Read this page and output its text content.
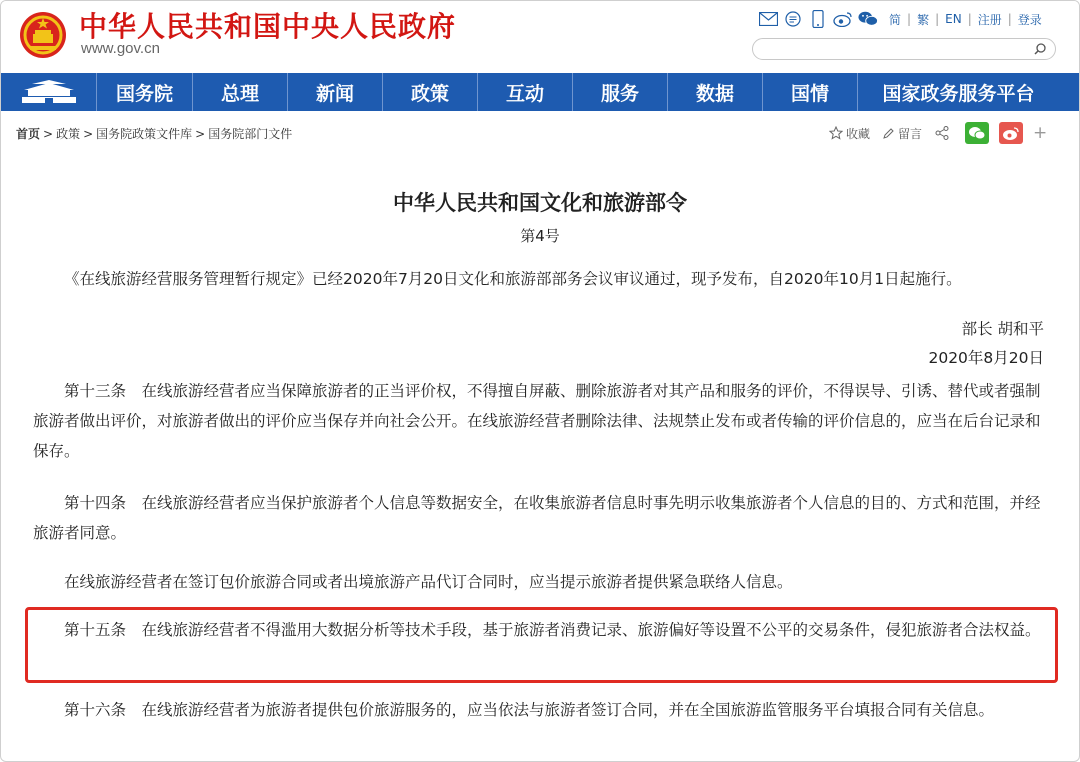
中华人民共和国中央人民政府
www.gov.cn
简 | 繁 | EN | 注册 | 登录
国务院	总理	新闻	政策	互动	服务	数据	国情	国家政务服务平台
首页 > 政策 > 国务院政策文件库 > 国务院部门文件	收藏 留言	+
中华人民共和国文化和旅游部令
第4号
《在线旅游经营服务管理暂行规定》已经2020年7月20日文化和旅游部部务会议审议通过，现予发布，自2020年10月1日起施行。
部长 胡和平
2020年8月20日
第十三条　在线旅游经营者应当保障旅游者的正当评价权，不得擅自屏蔽、删除旅游者对其产品和服务的评价，不得误导、引诱、替代或者强制旅游者做出评价，对旅游者做出的评价应当保存并向社会公开。在线旅游经营者删除法律、法规禁止发布或者传输的评价信息的，应当在后台记录和保存。
第十四条　在线旅游经营者应当保护旅游者个人信息等数据安全，在收集旅游者信息时事先明示收集旅游者个人信息的目的、方式和范围，并经旅游者同意。
在线旅游经营者在签订包价旅游合同或者出境旅游产品代订合同时，应当提示旅游者提供紧急联络人信息。
第十五条　在线旅游经营者不得滥用大数据分析等技术手段，基于旅游者消费记录、旅游偏好等设置不公平的交易条件，侵犯旅游者合法权益。
第十六条　在线旅游经营者为旅游者提供包价旅游服务的，应当依法与旅游者签订合同，并在全国旅游监管服务平台填报合同有关信息。
